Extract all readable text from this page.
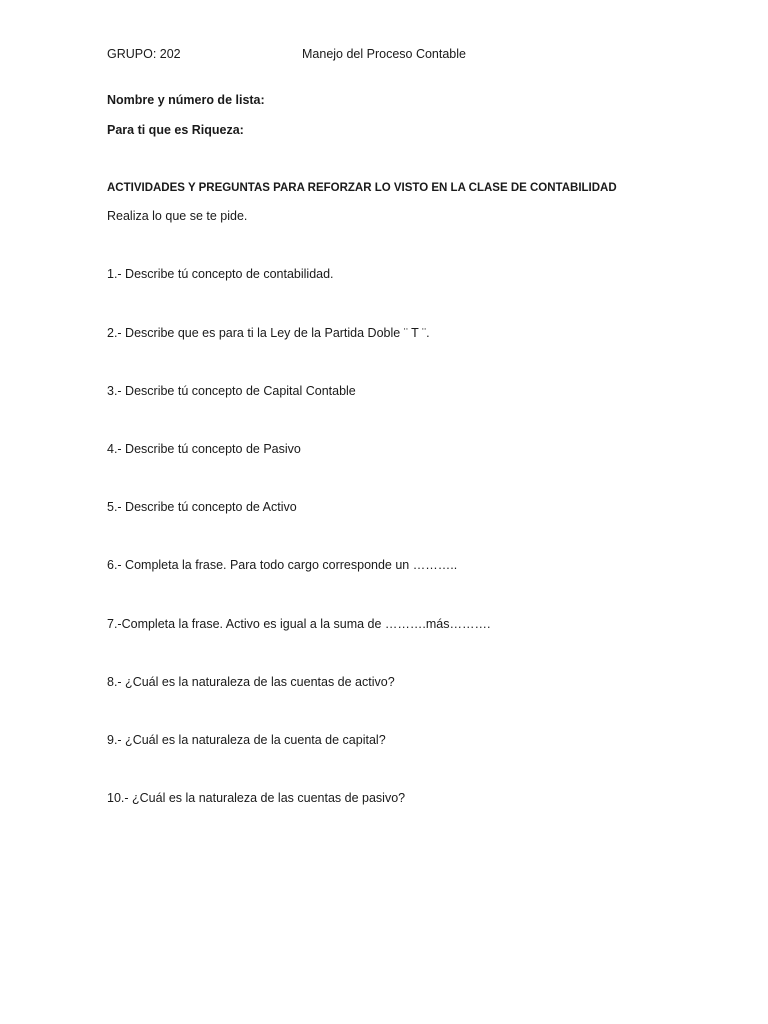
GRUPO: 202	Manejo del Proceso Contable
Nombre y número de lista:
Para ti que es Riqueza:
ACTIVIDADES Y PREGUNTAS PARA REFORZAR LO VISTO EN LA CLASE DE CONTABILIDAD
Realiza lo que se te pide.
1.- Describe tú concepto de contabilidad.
2.- Describe que es para ti la Ley de la Partida Doble ¨ T ¨.
3.- Describe tú concepto de Capital Contable
4.- Describe tú concepto de Pasivo
5.- Describe tú concepto de Activo
6.- Completa la frase. Para todo cargo corresponde un ………..
7.-Completa la frase. Activo es igual a la suma de ……….más……….
8.- ¿Cuál es la naturaleza de las cuentas de activo?
9.- ¿Cuál es la naturaleza de la cuenta de capital?
10.- ¿Cuál es la naturaleza de las cuentas de pasivo?
